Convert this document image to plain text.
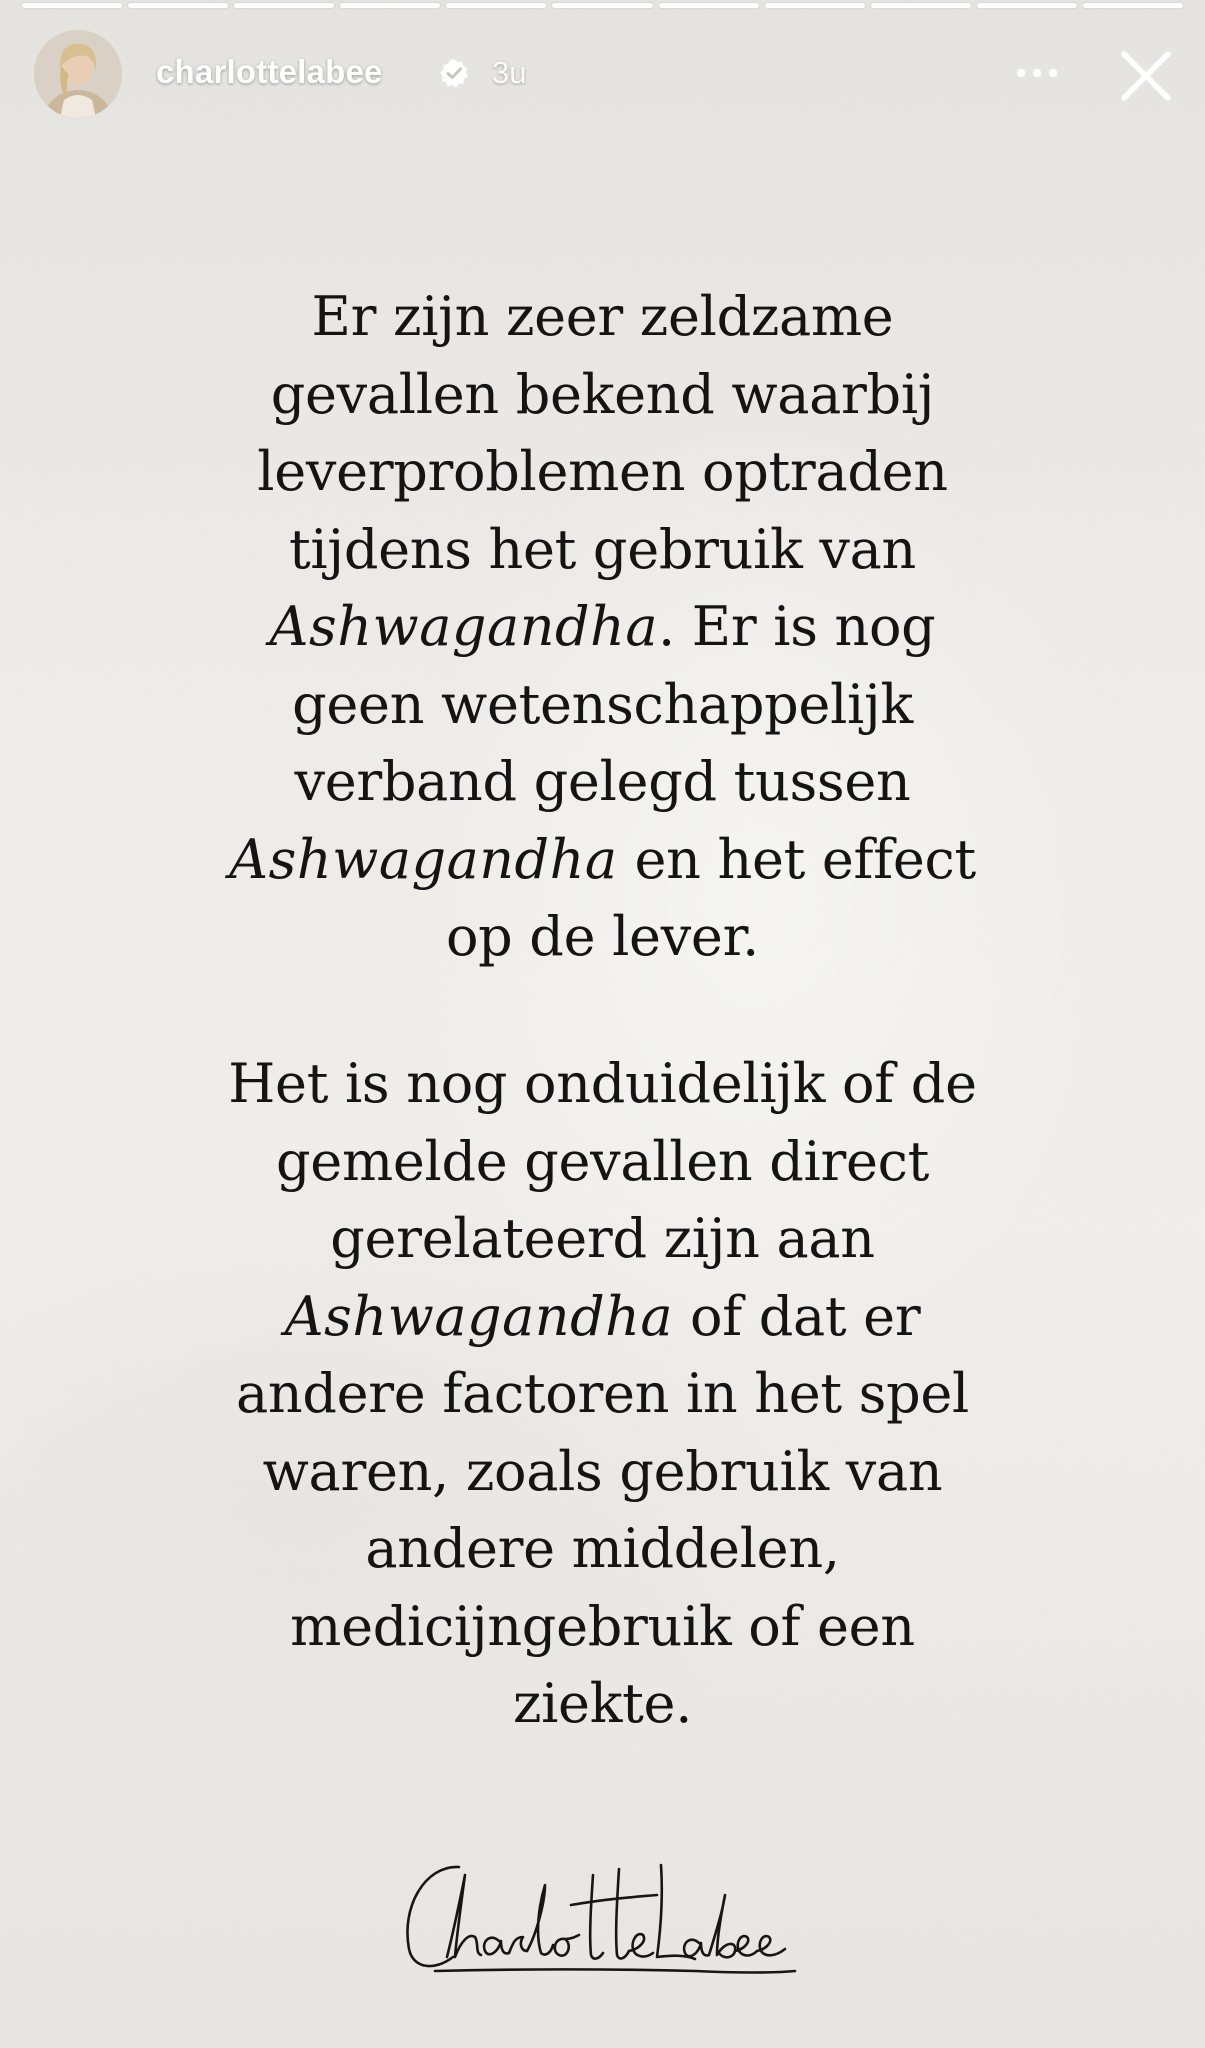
charlottelabee	3u
Er zijn zeer zeldzame
gevallen bekend waarbij
leverproblemen optraden
tijdens het gebruik van
Ashwagandha. Er is nog
geen wetenschappelijk
verband gelegd tussen
Ashwagandha en het effect
op de lever.
Het is nog onduidelijk of de
gemelde gevallen direct
gerelateerd zijn aan
Ashwagandha of dat er
andere factoren in het spel
waren, zoals gebruik van
andere middelen,
medicijngebruik of een
ziekte.
